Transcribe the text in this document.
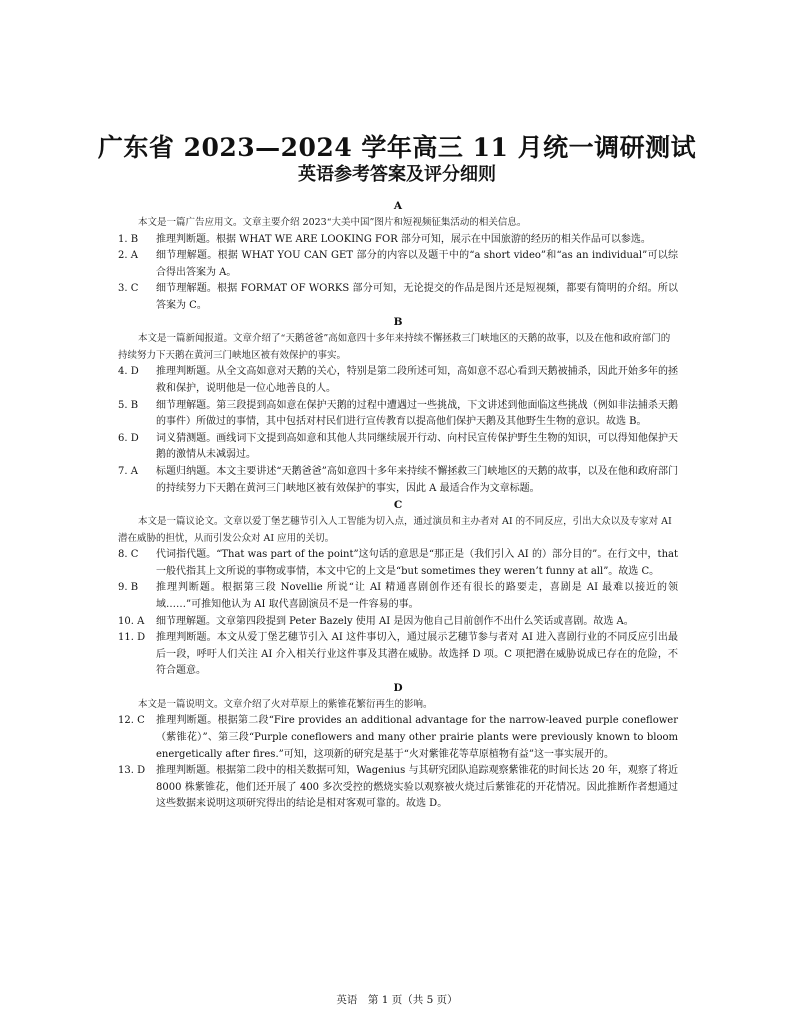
广东省 2023—2024 学年高三 11 月统一调研测试
英语参考答案及评分细则
A
本文是一篇广告应用文。文章主要介绍 2023“大美中国”图片和短视频征集活动的相关信息。
1. B	推理判断题。根据 WHAT WE ARE LOOKING FOR 部分可知，展示在中国旅游的经历的相关作品可以参选。
2. A	细节理解题。根据 WHAT YOU CAN GET 部分的内容以及题干中的“a short video”和“as an individual”可以综合得出答案为 A。
3. C	细节理解题。根据 FORMAT OF WORKS 部分可知，无论提交的作品是图片还是短视频，都要有简明的介绍。所以答案为 C。
B
本文是一篇新闻报道。文章介绍了“天鹅爸爸”高如意四十多年来持续不懈拯救三门峡地区的天鹅的故事，以及在他和政府部门的持续努力下天鹅在黄河三门峡地区被有效保护的事实。
4. D	推理判断题。从全文高如意对天鹅的关心，特别是第二段所述可知，高如意不忍心看到天鹅被捕杀，因此开始多年的拯救和保护，说明他是一位心地善良的人。
5. B	细节理解题。第三段提到高如意在保护天鹅的过程中遭遇过一些挑战，下文讲述到他面临这些挑战（例如非法捕杀天鹅的事件）所做过的事情，其中包括对村民们进行宣传教育以提高他们保护天鹅及其他野生生物的意识。故选 B。
6. D	词义猜测题。画线词下文提到高如意和其他人共同继续展开行动、向村民宣传保护野生生物的知识，可以得知他保护天鹅的激情从未减弱过。
7. A	标题归纳题。本文主要讲述“天鹅爸爸”高如意四十多年来持续不懈拯救三门峡地区的天鹅的故事，以及在他和政府部门的持续努力下天鹅在黄河三门峡地区被有效保护的事实，因此 A 最适合作为文章标题。
C
本文是一篇议论文。文章以爱丁堡艺穗节引入人工智能为切入点，通过演员和主办者对 AI 的不同反应，引出大众以及专家对 AI 潜在威胁的担忧，从而引发公众对 AI 应用的关切。
8. C	代词指代题。“That was part of the point”这句话的意思是“那正是（我们引入 AI 的）部分目的”。在行文中，that 一般代指其上文所说的事物或事情，本文中它的上文是“but sometimes they weren’t funny at all”。故选 C。
9. B	推理判断题。根据第三段 Novellie 所说“让 AI 精通喜剧创作还有很长的路要走，喜剧是 AI 最难以接近的领域……”可推知他认为 AI 取代喜剧演员不是一件容易的事。
10. A	细节理解题。文章第四段提到 Peter Bazely 使用 AI 是因为他自己目前创作不出什么笑话或喜剧。故选 A。
11. D	推理判断题。本文从爱丁堡艺穗节引入 AI 这件事切入，通过展示艺穗节参与者对 AI 进入喜剧行业的不同反应引出最后一段，呼吁人们关注 AI 介入相关行业这件事及其潜在威胁。故选择 D 项。C 项把潜在威胁说成已存在的危险，不符合题意。
D
本文是一篇说明文。文章介绍了火对草原上的紫锥花繁衍再生的影响。
12. C	推理判断题。根据第二段“Fire provides an additional advantage for the narrow-leaved purple coneflower（紫锥花）”、第三段“Purple coneflowers and many other prairie plants were previously known to bloom energetically after fires.”可知，这项新的研究是基于“火对紫锥花等草原植物有益”这一事实展开的。
13. D	推理判断题。根据第二段中的相关数据可知，Wagenius 与其研究团队追踪观察紫锥花的时间长达 20 年，观察了将近 8000 株紫锥花，他们还开展了 400 多次受控的燃烧实验以观察被火烧过后紫锥花的开花情况。因此推断作者想通过这些数据来说明这项研究得出的结论是相对客观可靠的。故选 D。
英语　第 1 页（共 5 页）
